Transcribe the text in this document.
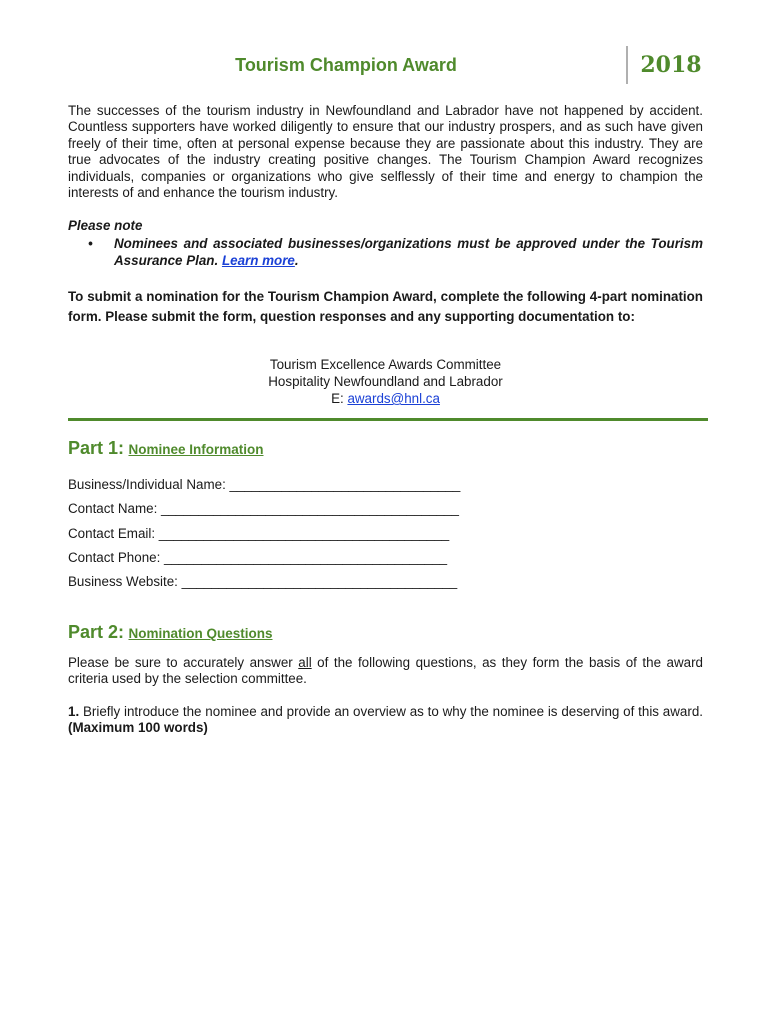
Tourism Champion Award	2018

The successes of the tourism industry in Newfoundland and Labrador have not happened by accident. Countless supporters have worked diligently to ensure that our industry prospers, and as such have given freely of their time, often at personal expense because they are passionate about this industry. They are true advocates of the industry creating positive changes. The Tourism Champion Award recognizes individuals, companies or organizations who give selflessly of their time and energy to champion the interests of and enhance the tourism industry.

Please note
• Nominees and associated businesses/organizations must be approved under the Tourism Assurance Plan. Learn more.
To submit a nomination for the Tourism Champion Award, complete the following 4-part nomination form. Please submit the form, question responses and any supporting documentation to:
Tourism Excellence Awards Committee
Hospitality Newfoundland and Labrador
E: awards@hnl.ca
Part 1: Nominee Information
Business/Individual Name: _______________________________
Contact Name: ________________________________________
Contact Email: _______________________________________
Contact Phone: ______________________________________
Business Website: _____________________________________
Part 2: Nomination Questions

Please be sure to accurately answer all of the following questions, as they form the basis of the award criteria used by the selection committee.

1. Briefly introduce the nominee and provide an overview as to why the nominee is deserving of this award. (Maximum 100 words)
